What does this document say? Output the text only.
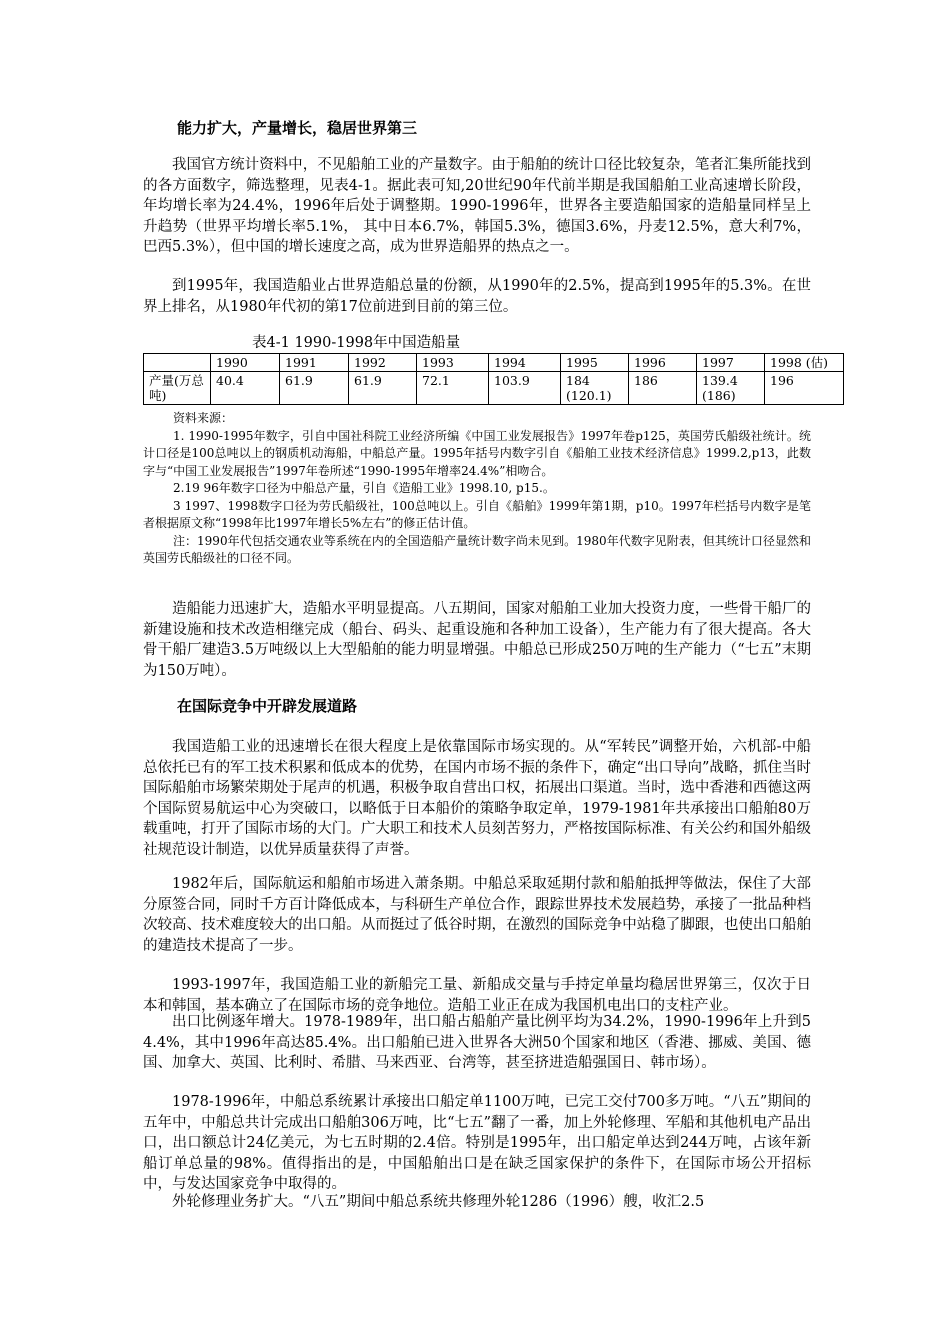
能力扩大，产量增长，稳居世界第三

我国官方统计资料中，不见船舶工业的产量数字。由于船舶的统计口径比较复杂，笔者汇集所能找到的各方面数字，筛选整理，见表4-1。据此表可知,20世纪90年代前半期是我国船舶工业高速增长阶段，年均增长率为24.4%，1996年后处于调整期。1990-1996年，世界各主要造船国家的造船量同样呈上升趋势（世界平均增长率5.1%， 其中日本6.7%，韩国5.3%，德国3.6%，丹麦12.5%，意大利7%，巴西5.3%），但中国的增长速度之高，成为世界造船界的热点之一。

到1995年，我国造船业占世界造船总量的份额，从1990年的2.5%，提高到1995年的5.3%。在世界上排名，从1980年代初的第17位前进到目前的第三位。

表4-1 1990-1998年中国造船量

	1990	1991	1992	1993	1994	1995	1996	1997	1998 (估)
产量(万总吨)	40.4	61.9	61.9	72.1	103.9	184 (120.1)	186	139.4 (186)	196

资料来源：

1. 1990-1995年数字，引自中国社科院工业经济所编《中国工业发展报告》1997年卷p125，英国劳氏船级社统计。统计口径是100总吨以上的钢质机动海船，中船总产量。1995年括号内数字引自《船舶工业技术经济信息》1999.2,p13，此数字与“中国工业发展报告”1997年卷所述“1990-1995年增率24.4%”相吻合。

2.19 96年数字口径为中船总产量，引自《造船工业》1998.10, p15.。

3 1997、1998数字口径为劳氏船级社，100总吨以上。引自《船舶》1999年第1期，p10。1997年栏括号内数字是笔者根据原文称“1998年比1997年增长5%左右”的修正估计值。

注：1990年代包括交通农业等系统在内的全国造船产量统计数字尚未见到。1980年代数字见附表，但其统计口径显然和英国劳氏船级社的口径不同。

造船能力迅速扩大，造船水平明显提高。八五期间，国家对船舶工业加大投资力度，一些骨干船厂的新建设施和技术改造相继完成（船台、码头、起重设施和各种加工设备），生产能力有了很大提高。各大骨干船厂建造3.5万吨级以上大型船舶的能力明显增强。中船总已形成250万吨的生产能力（“七五”末期为150万吨）。

在国际竞争中开辟发展道路

我国造船工业的迅速增长在很大程度上是依靠国际市场实现的。从“军转民”调整开始，六机部-中船总依托已有的军工技术积累和低成本的优势，在国内市场不振的条件下，确定“出口导向”战略，抓住当时国际船舶市场繁荣期处于尾声的机遇，积极争取自营出口权，拓展出口渠道。当时，选中香港和西德这两个国际贸易航运中心为突破口，以略低于日本船价的策略争取定单，1979-1981年共承接出口船舶80万载重吨，打开了国际市场的大门。广大职工和技术人员刻苦努力，严格按国际标准、有关公约和国外船级社规范设计制造，以优异质量获得了声誉。

1982年后，国际航运和船舶市场进入萧条期。中船总采取延期付款和船舶抵押等做法，保住了大部分原签合同，同时千方百计降低成本，与科研生产单位合作，跟踪世界技术发展趋势，承接了一批品种档次较高、技术难度较大的出口船。从而挺过了低谷时期，在激烈的国际竞争中站稳了脚跟，也使出口船舶的建造技术提高了一步。

1993-1997年，我国造船工业的新船完工量、新船成交量与手持定单量均稳居世界第三，仅次于日本和韩国，基本确立了在国际市场的竞争地位。造船工业正在成为我国机电出口的支柱产业。

出口比例逐年增大。1978-1989年，出口船占船舶产量比例平均为34.2%，1990-1996年上升到54.4%，其中1996年高达85.4%。出口船舶已进入世界各大洲50个国家和地区（香港、挪威、美国、德国、加拿大、英国、比利时、希腊、马来西亚、台湾等，甚至挤进造船强国日、韩市场）。

1978-1996年，中船总系统累计承接出口船定单1100万吨，已完工交付700多万吨。“八五”期间的五年中，中船总共计完成出口船舶306万吨，比“七五”翻了一番，加上外轮修理、军船和其他机电产品出口，出口额总计24亿美元，为七五时期的2.4倍。特别是1995年，出口船定单达到244万吨，占该年新船订单总量的98%。值得指出的是，中国船舶出口是在缺乏国家保护的条件下，在国际市场公开招标中，与发达国家竞争中取得的。

外轮修理业务扩大。“八五”期间中船总系统共修理外轮1286（1996）艘，收汇2.5
